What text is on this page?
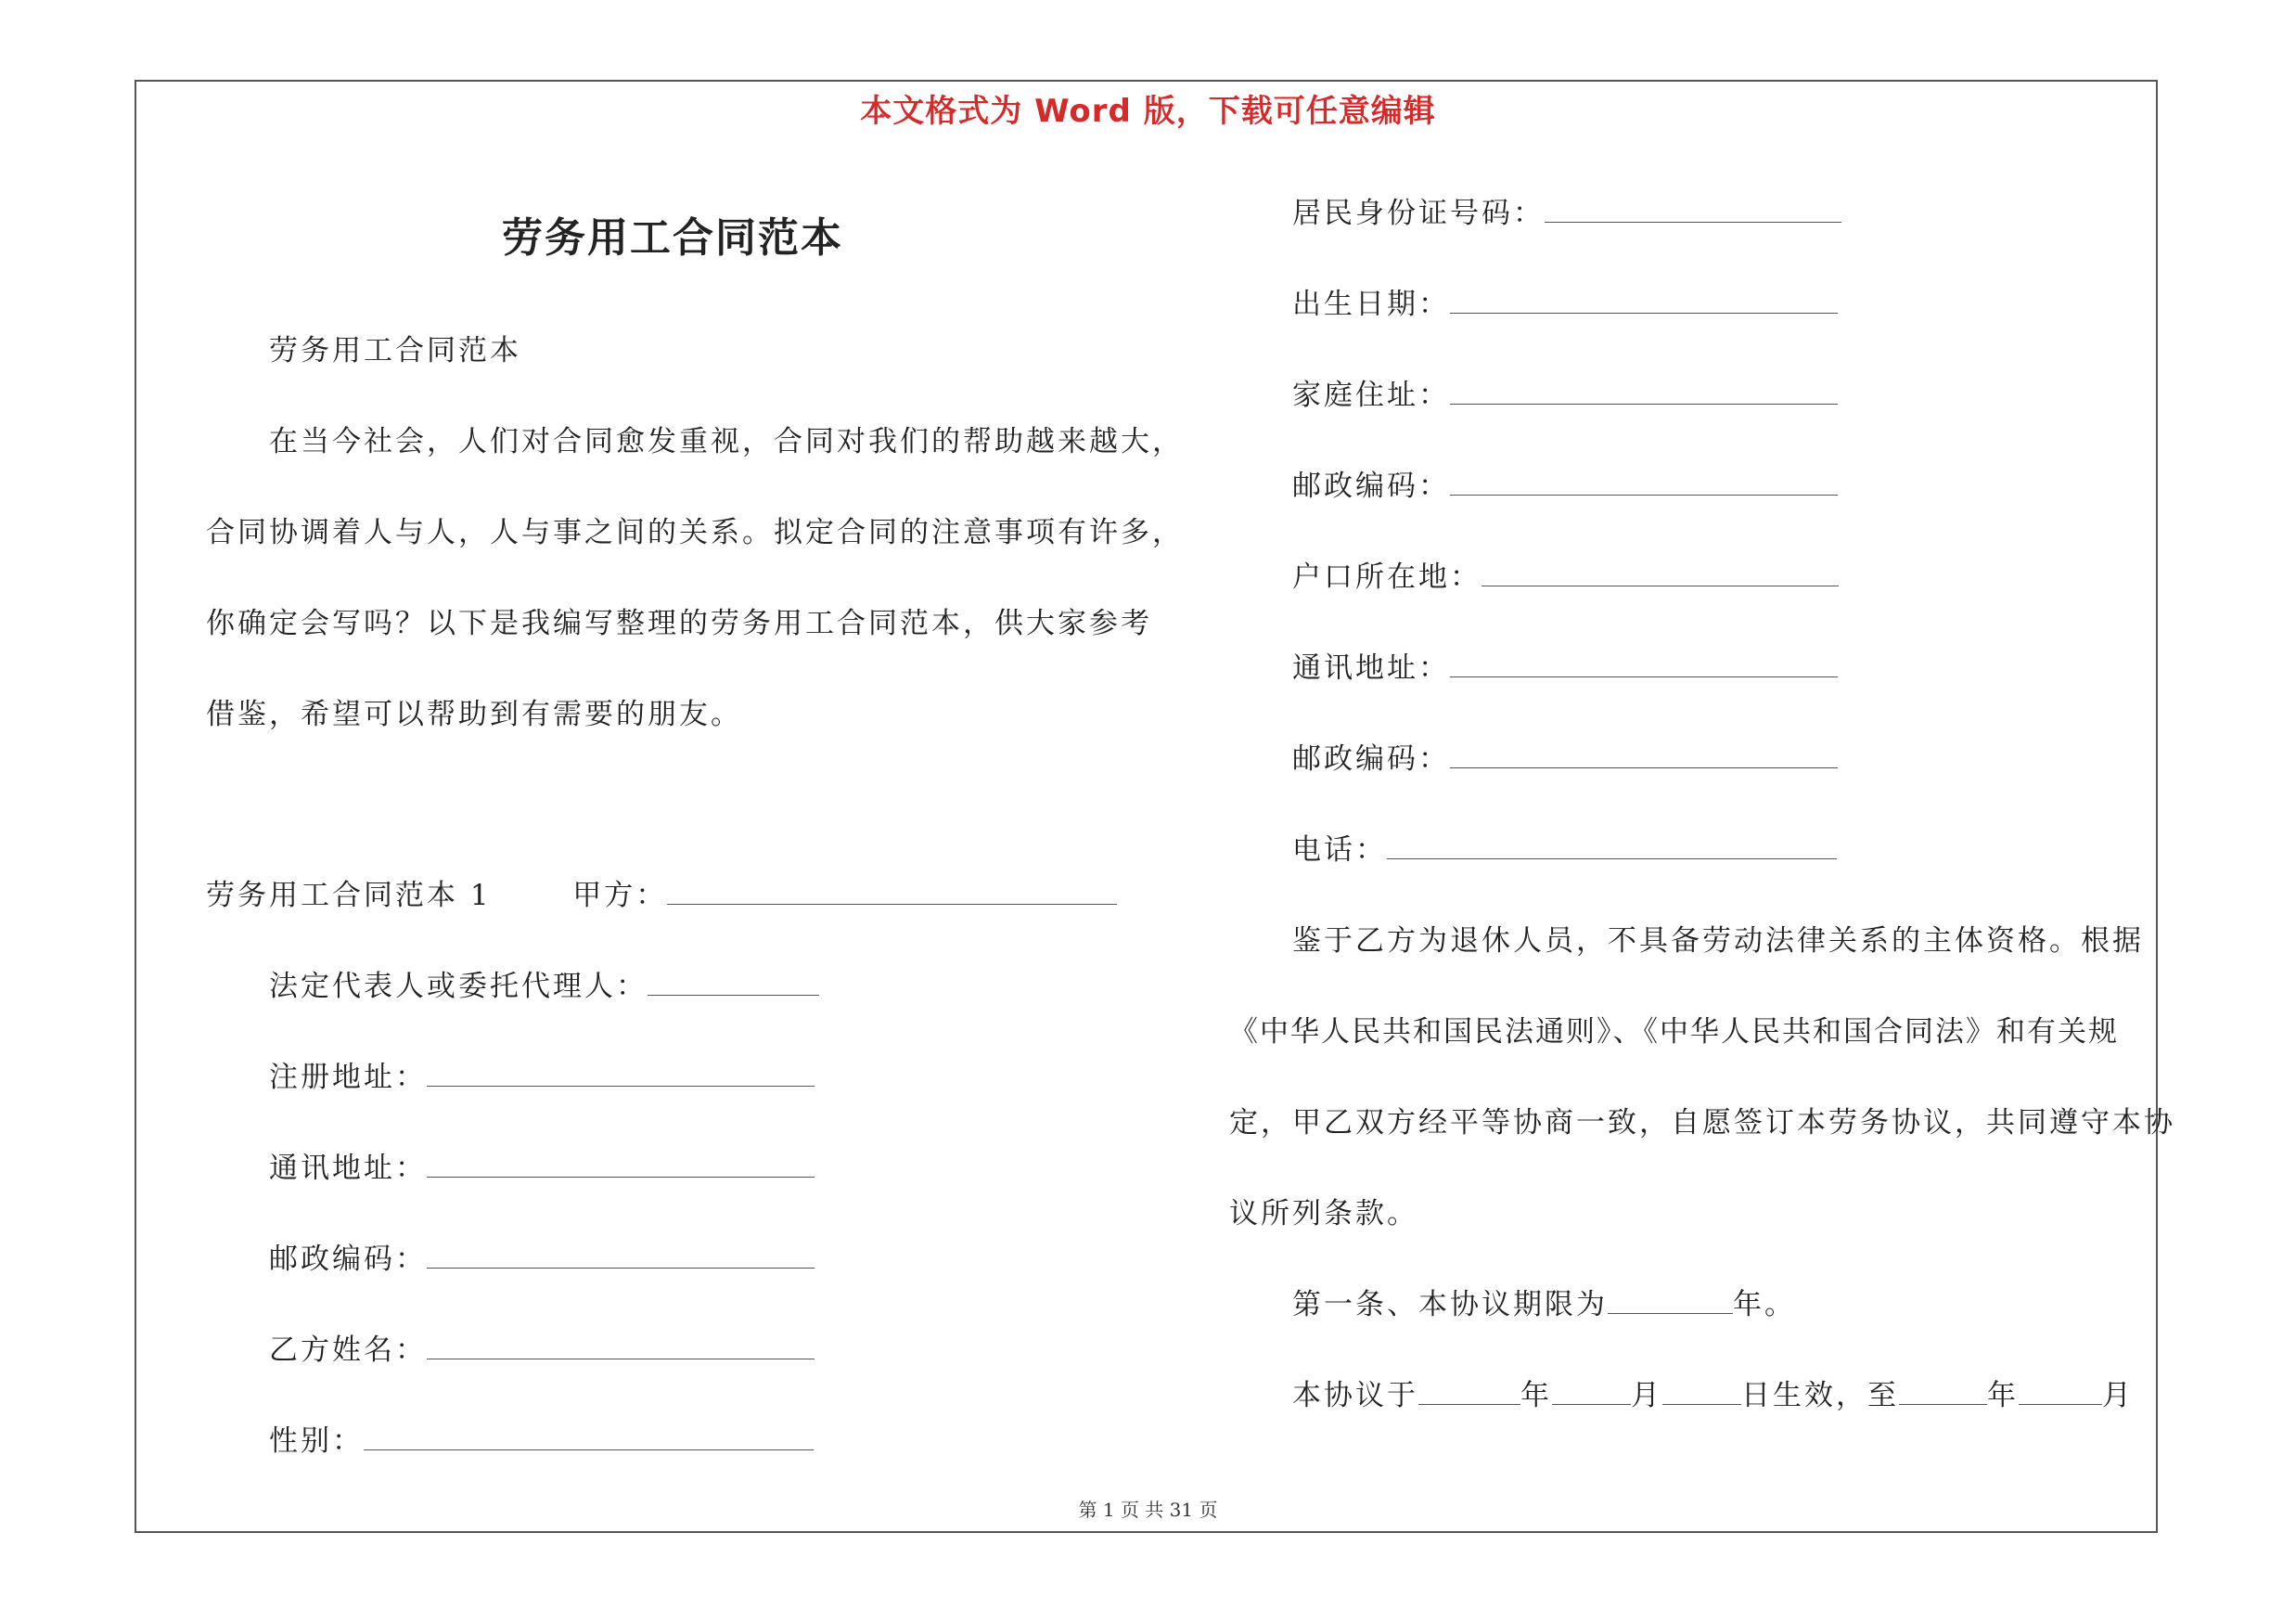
本文格式为 Word 版，下载可任意编辑
劳务用工合同范本
劳务用工合同范本
在当今社会，人们对合同愈发重视，合同对我们的帮助越来越大，
合同协调着人与人，人与事之间的关系。拟定合同的注意事项有许多，
你确定会写吗？以下是我编写整理的劳务用工合同范本，供大家参考
借鉴，希望可以帮助到有需要的朋友。
劳务用工合同范本 1	甲方：
法定代表人或委托代理人：
注册地址：
通讯地址：
邮政编码：
乙方姓名：
性别：
居民身份证号码：
出生日期：
家庭住址：
邮政编码：
户口所在地：
通讯地址：
邮政编码：
电话：
鉴于乙方为退休人员，不具备劳动法律关系的主体资格。根据
《中华人民共和国民法通则》、《中华人民共和国合同法》和有关规
定，甲乙双方经平等协商一致，自愿签订本劳务协议，共同遵守本协
议所列条款。
第一条、本协议期限为	年。
本协议于	年	月	日生效，至	年	月
第 1 页 共 31 页
